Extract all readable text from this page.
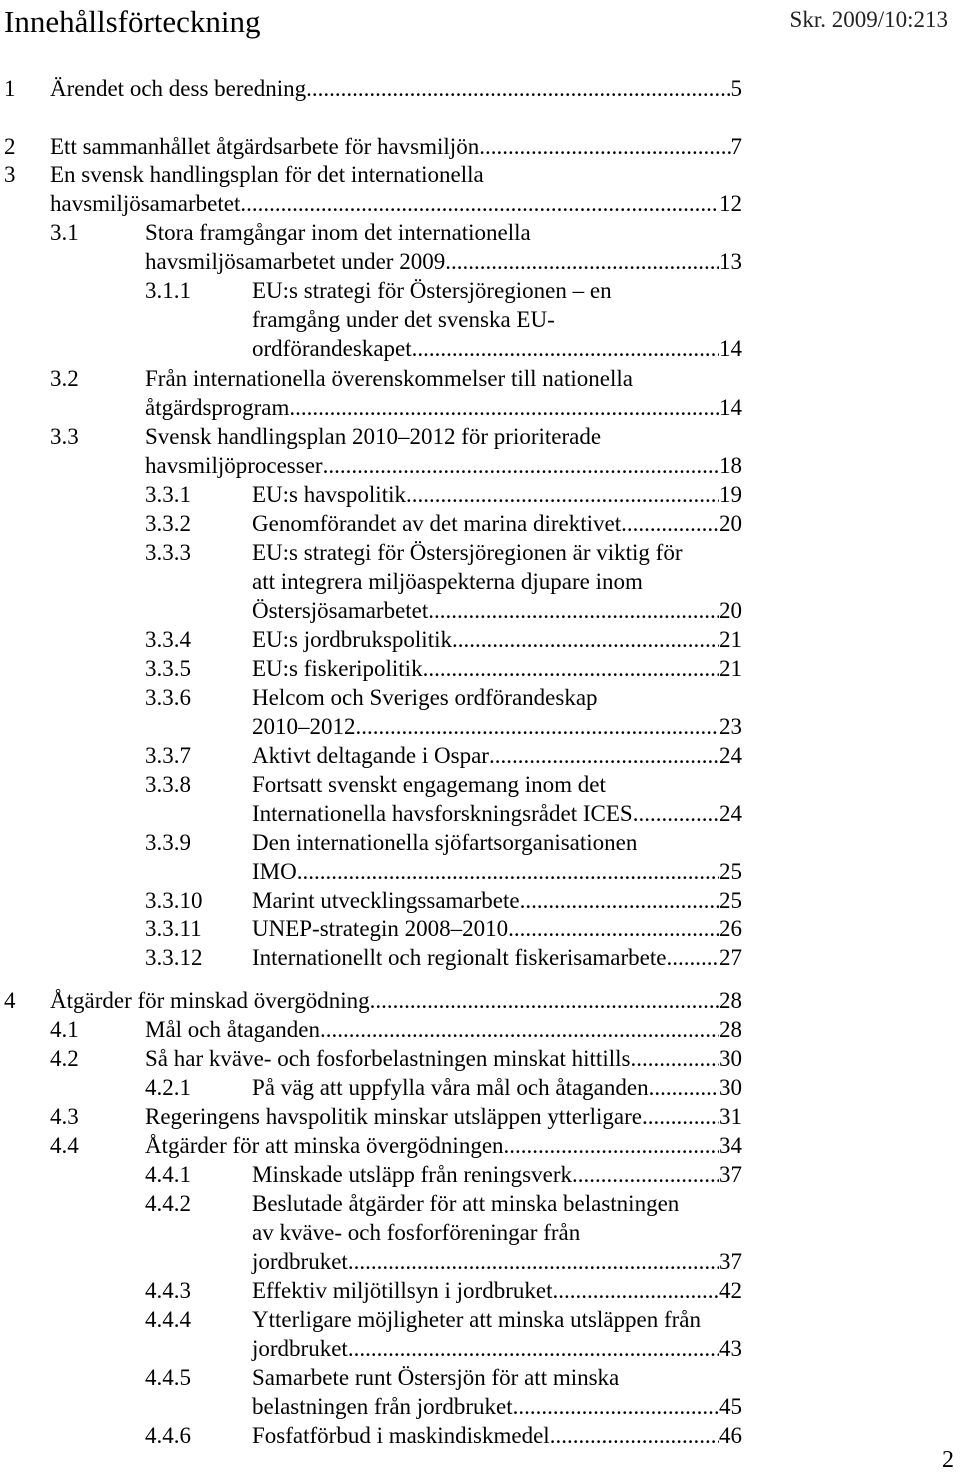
Innehållsförteckning	Skr. 2009/10:213
1 Ärendet och dess beredning .....	5
2 Ett sammanhållet åtgärdsarbete för havsmiljön .....	7
3 En svensk handlingsplan för det internationella
havsmiljösamarbetet .....	12
3.1	Stora framgångar inom det internationella
havsmiljösamarbetet under 2009. .....	13
3.1.1	EU:s strategi för Östersjöregionen – en
framgång under det svenska EU-
ordförandeskapet .....	14
3.2	Från internationella överenskommelser till nationella
åtgärdsprogram .....	14
3.3	Svensk handlingsplan 2010–2012 för prioriterade
havsmiljöprocesser .....	18
3.3.1	EU:s havspolitik .....	19
3.3.2	Genomförandet av det marina direktivet .....	20
3.3.3	EU:s strategi för Östersjöregionen är viktig för
att integrera miljöaspekterna djupare inom
Östersjösamarbetet .....	20
3.3.4	EU:s jordbrukspolitik .....	21
3.3.5	EU:s fiskeripolitik .....	21
3.3.6	Helcom och Sveriges ordförandeskap
2010–2012 .....	23
3.3.7	Aktivt deltagande i Ospar .....	24
3.3.8	Fortsatt svenskt engagemang inom det
Internationella havsforskningsrådet ICES .....	24
3.3.9	Den internationella sjöfartsorganisationen
IMO .....	25
3.3.10 Marint utvecklingssamarbete .....	25
3.3.11 UNEP-strategin 2008–2010 .....	26
3.3.12 Internationellt och regionalt fiskerisamarbete ..... 27
4 Åtgärder för minskad övergödning .....	28
4.1	Mål och åtaganden .....	28
4.2	Så har kväve- och fosforbelastningen minskat hittills .....	30
4.2.1	På väg att uppfylla våra mål och åtaganden .....	30
4.3	Regeringens havspolitik minskar utsläppen ytterligare .....	31
4.4	Åtgärder för att minska övergödningen .....	34
4.4.1	Minskade utsläpp från reningsverk .....	37
4.4.2	Beslutade åtgärder för att minska belastningen
av kväve- och fosforföreningar från
jordbruket .....	37
4.4.3	Effektiv miljötillsyn i jordbruket .....	42
4.4.4	Ytterligare möjligheter att minska utsläppen från
jordbruket .....	43
4.4.5	Samarbete runt Östersjön för att minska
belastningen från jordbruket .....	45
4.4.6	Fosfatförbud i maskindiskmedel .....	46
2
